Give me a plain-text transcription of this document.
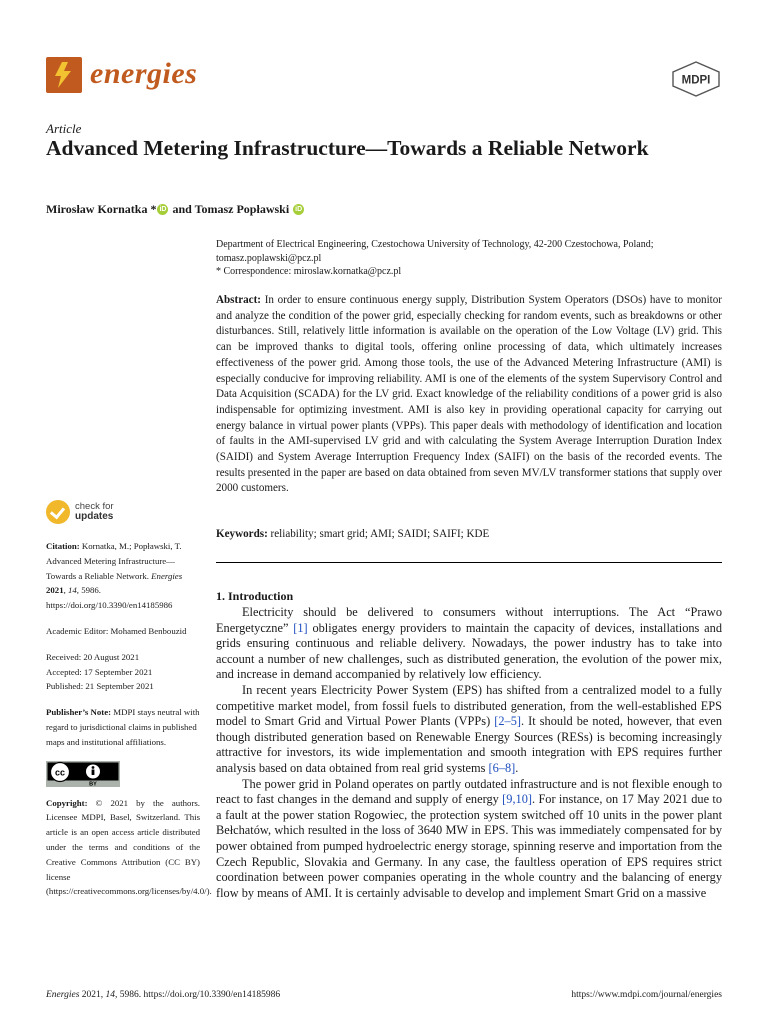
energies	MDPI
Article
Advanced Metering Infrastructure—Towards a Reliable Network
Mirosław Kornatka * iD and Tomasz Popławski iD
Department of Electrical Engineering, Czestochowa University of Technology, 42-200 Czestochowa, Poland; tomasz.poplawski@pcz.pl
* Correspondence: miroslaw.kornatka@pcz.pl
Abstract: In order to ensure continuous energy supply, Distribution System Operators (DSOs) have to monitor and analyze the condition of the power grid, especially checking for random events, such as breakdowns or other disturbances. Still, relatively little information is available on the operation of the Low Voltage (LV) grid. This can be improved thanks to digital tools, offering online processing of data, which ultimately increases effectiveness of the power grid. Among those tools, the use of the Advanced Metering Infrastructure (AMI) is especially conducive for improving reliability. AMI is one of the elements of the system Supervisory Control and Data Acquisition (SCADA) for the LV grid. Exact knowledge of the reliability conditions of a power grid is also indispensable for optimizing investment. AMI is also key in providing operational capacity for carrying out energy balance in virtual power plants (VPPs). This paper deals with methodology of identification and location of faults in the AMI-supervised LV grid and with calculating the System Average Interruption Duration Index (SAIDI) and System Average Interruption Frequency Index (SAIFI) on the basis of the recorded events. The results presented in the paper are based on data obtained from seven MV/LV transformer stations that supply over 2000 customers.
Keywords: reliability; smart grid; AMI; SAIDI; SAIFI; KDE
1. Introduction

Electricity should be delivered to consumers without interruptions. The Act “Prawo Energetyczne” [1] obligates energy providers to maintain the capacity of devices, installations and grids ensuring continuous and reliable delivery. Nowadays, the power industry has to take into account a number of new challenges, such as distributed generation, the evolution of the power mix, and increase in demand accompanied by relatively low efficiency.

In recent years Electricity Power System (EPS) has shifted from a centralized model to a fully competitive market model, from fossil fuels to distributed generation, from the well-established EPS model to Smart Grid and Virtual Power Plants (VPPs) [2–5]. It should be noted, however, that even though distributed generation based on Renewable Energy Sources (RESs) is becoming increasingly attractive for investors, its wide implementation and smooth integration with EPS requires further analysis based on data obtained from real grid systems [6–8].

The power grid in Poland operates on partly outdated infrastructure and is not flexible enough to react to fast changes in the demand and supply of energy [9,10]. For instance, on 17 May 2021 due to a fault at the power station Rogowiec, the protection system switched off 10 units in the power plant Bełchatów, which resulted in the loss of 3640 MW in EPS. This was immediately compensated for by power obtained from pumped hydroelectric energy storage, spinning reserve and importation from the Czech Republic, Slovakia and Germany. In any case, the faultless operation of EPS requires strict coordination between power companies operating in the whole country and the balancing of energy flow by means of AMI. It is certainly advisable to develop and implement Smart Grid on a massive

check for
updates
Citation: Kornatka, M.; Popławski, T. Advanced Metering Infrastructure—Towards a Reliable Network. Energies 2021, 14, 5986. https://doi.org/10.3390/en14185986
Academic Editor: Mohamed Benbouzid
Received: 20 August 2021
Accepted: 17 September 2021
Published: 21 September 2021
Publisher’s Note: MDPI stays neutral with regard to jurisdictional claims in published maps and institutional affiliations.
cc
BY
Copyright: © 2021 by the authors. Licensee MDPI, Basel, Switzerland. This article is an open access article distributed under the terms and conditions of the Creative Commons Attribution (CC BY) license (https://creativecommons.org/licenses/by/4.0/).
Energies 2021, 14, 5986. https://doi.org/10.3390/en14185986	https://www.mdpi.com/journal/energies
